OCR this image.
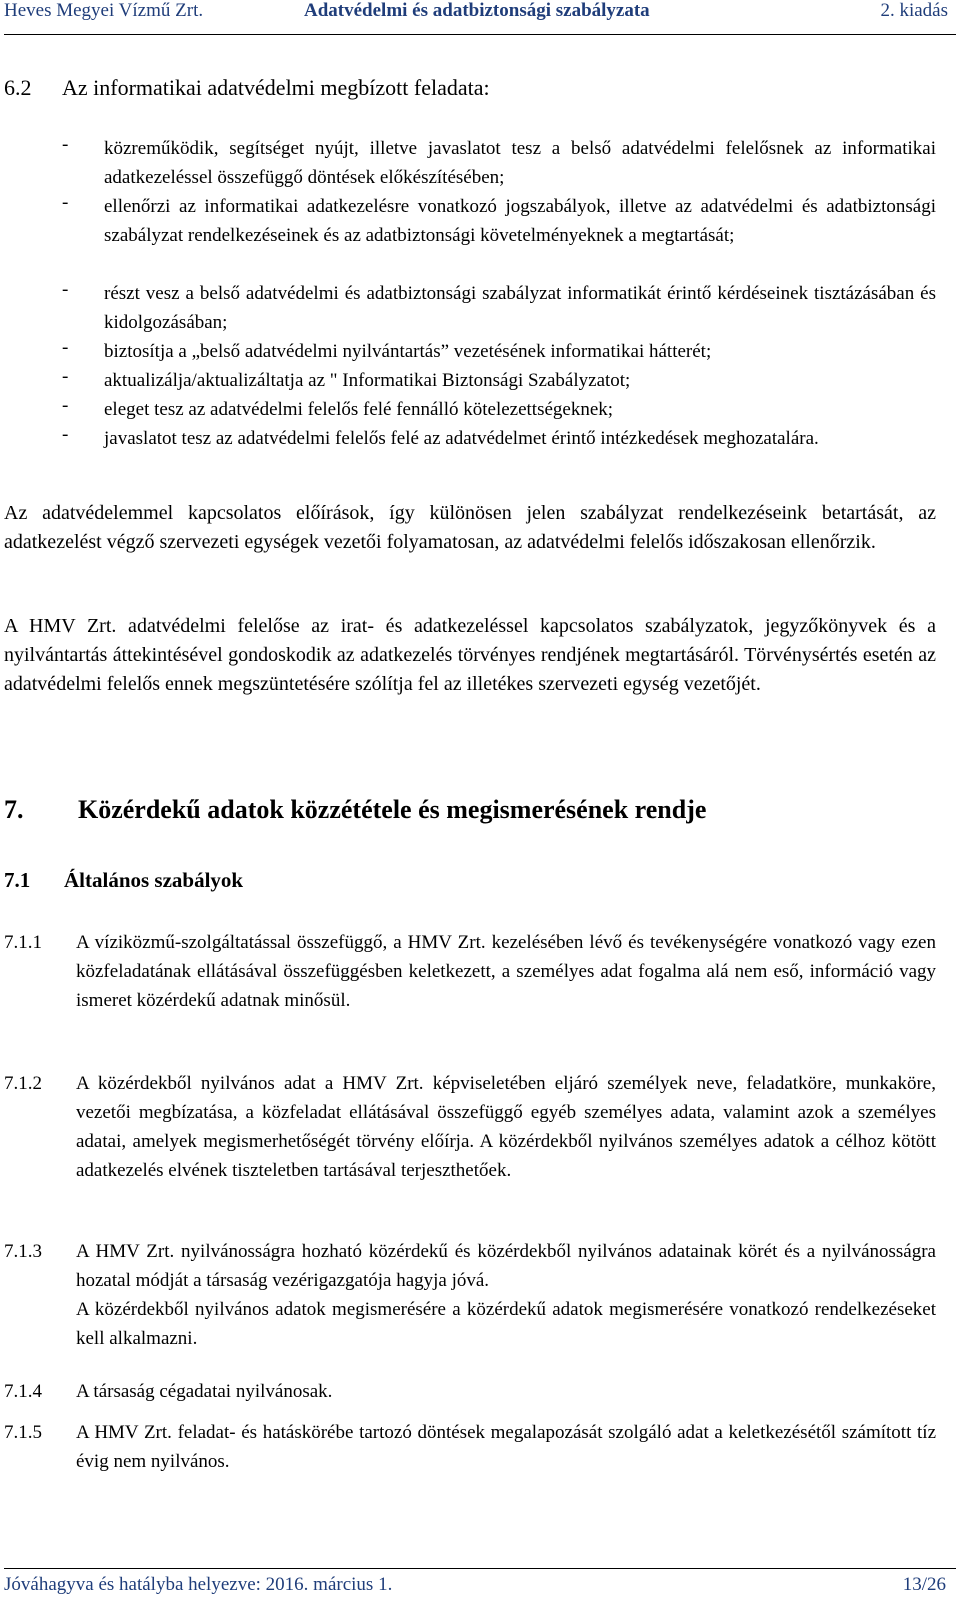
Heves Megyei Vízmű Zrt.	Adatvédelmi és adatbiztonsági szabályzata	2. kiadás
6.2 Az informatikai adatvédelmi megbízott feladata:
- közreműködik, segítséget nyújt, illetve javaslatot tesz a belső adatvédelmi felelősnek az informatikai adatkezeléssel összefüggő döntések előkészítésében;
- ellenőrzi az informatikai adatkezelésre vonatkozó jogszabályok, illetve az adatvédelmi és adatbiztonsági szabályzat rendelkezéseinek és az adatbiztonsági követelményeknek a megtartását;
- részt vesz a belső adatvédelmi és adatbiztonsági szabályzat informatikát érintő kérdéseinek tisztázásában és kidolgozásában;
- biztosítja a „belső adatvédelmi nyilvántartás” vezetésének informatikai hátterét;
- aktualizálja/aktualizáltatja az " Informatikai Biztonsági Szabályzatot;
- eleget tesz az adatvédelmi felelős felé fennálló kötelezettségeknek;
- javaslatot tesz az adatvédelmi felelős felé az adatvédelmet érintő intézkedések meghozatalára.
Az adatvédelemmel kapcsolatos előírások, így különösen jelen szabályzat rendelkezéseink betartását, az adatkezelést végző szervezeti egységek vezetői folyamatosan, az adatvédelmi felelős időszakosan ellenőrzik.
A HMV Zrt. adatvédelmi felelőse az irat- és adatkezeléssel kapcsolatos szabályzatok, jegyzőkönyvek és a nyilvántartás áttekintésével gondoskodik az adatkezelés törvényes rendjének megtartásáról. Törvénysértés esetén az adatvédelmi felelős ennek megszüntetésére szólítja fel az illetékes szervezeti egység vezetőjét.
7. Közérdekű adatok közzététele és megismerésének rendje
7.1 Általános szabályok
7.1.1 A víziközmű-szolgáltatással összefüggő, a HMV Zrt. kezelésében lévő és tevékenységére vonatkozó vagy ezen közfeladatának ellátásával összefüggésben keletkezett, a személyes adat fogalma alá nem eső, információ vagy ismeret közérdekű adatnak minősül.
7.1.2 A közérdekből nyilvános adat a HMV Zrt. képviseletében eljáró személyek neve, feladatköre, munkaköre, vezetői megbízatása, a közfeladat ellátásával összefüggő egyéb személyes adata, valamint azok a személyes adatai, amelyek megismerhetőségét törvény előírja. A közérdekből nyilvános személyes adatok a célhoz kötött adatkezelés elvének tiszteletben tartásával terjeszthetőek.
7.1.3 A HMV Zrt. nyilvánosságra hozható közérdekű és közérdekből nyilvános adatainak körét és a nyilvánosságra hozatal módját a társaság vezérigazgatója hagyja jóvá.
A közérdekből nyilvános adatok megismerésére a közérdekű adatok megismerésére vonatkozó rendelkezéseket kell alkalmazni.
7.1.4 A társaság cégadatai nyilvánosak.
7.1.5 A HMV Zrt. feladat- és hatáskörébe tartozó döntések megalapozását szolgáló adat a keletkezésétől számított tíz évig nem nyilvános.
Jóváhagyva és hatályba helyezve: 2016. március 1.	13/26
